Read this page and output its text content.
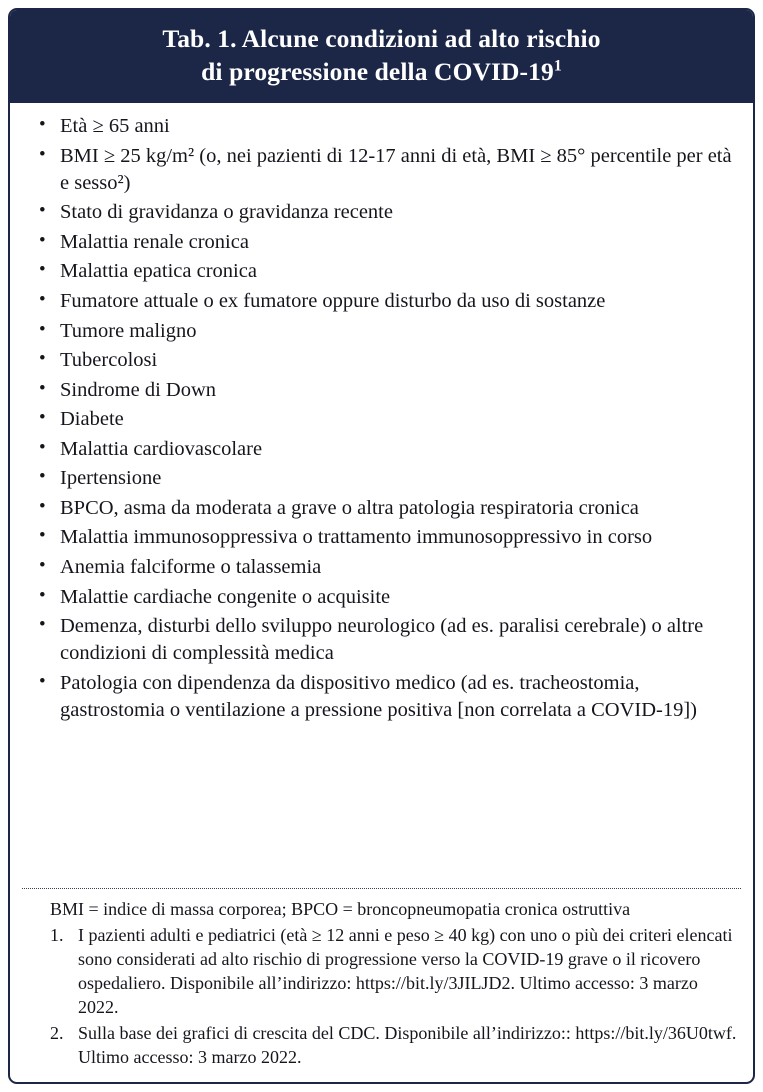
Tab. 1. Alcune condizioni ad alto rischio
di progressione della COVID-$19^1$
• Età ≥ 65 anni
• BMI ≥ 25 kg/m² (o, nei pazienti di 12-17 anni di età, BMI ≥ 85° percentile per età e sesso²)
• Stato di gravidanza o gravidanza recente
• Malattia renale cronica
• Malattia epatica cronica
• Fumatore attuale o ex fumatore oppure disturbo da uso di sostanze
• Tumore maligno
• Tubercolosi
• Sindrome di Down
• Diabete
• Malattia cardiovascolare
• Ipertensione
• BPCO, asma da moderata a grave o altra patologia respiratoria cronica
• Malattia immunosoppressiva o trattamento immunosoppressivo in corso
• Anemia falciforme o talassemia
• Malattie cardiache congenite o acquisite
• Demenza, disturbi dello sviluppo neurologico (ad es. paralisi cerebrale) o altre condizioni di complessità medica
• Patologia con dipendenza da dispositivo medico (ad es. tracheostomia, gastrostomia o ventilazione a pressione positiva [non correlata a COVID-19])
BMI = indice di massa corporea; BPCO = broncopneumopatia cronica ostruttiva
I pazienti adulti e pediatrici (età ≥ 12 anni e peso ≥ 40 kg) con uno o più dei criteri elencati sono considerati ad alto rischio di progressione verso la COVID-19 grave o il ricovero ospedaliero. Disponibile all’indirizzo: https://bit.ly/3JILJD2. Ultimo accesso: 3 marzo 2022.
Sulla base dei grafici di crescita del CDC. Disponibile all’indirizzo:: https://bit.ly/36U0twf. Ultimo accesso: 3 marzo 2022.
